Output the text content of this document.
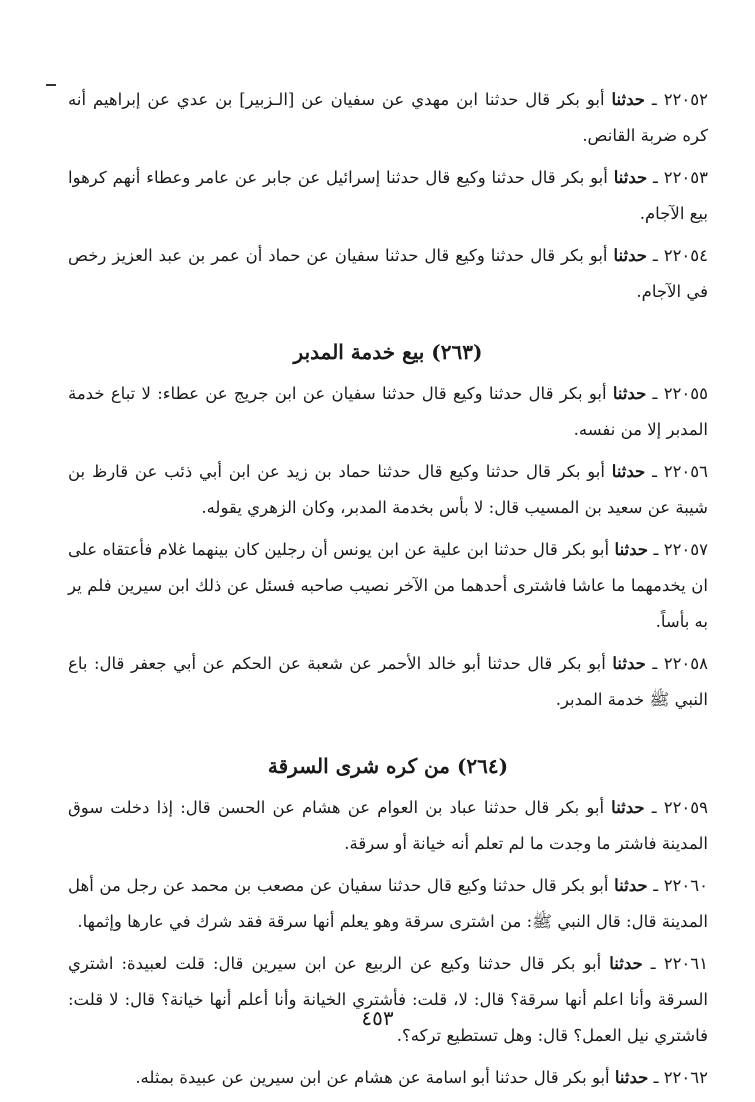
٢٢٠٥٢ ـ حدثنا أبو بكر قال حدثنا ابن مهدي عن سفيان عن [الـزبير] بن عدي عن إبراهيم أنه كره ضربة القانص.

٢٢٠٥٣ ـ حدثنا أبو بكر قال حدثنا وكيع قال حدثنا إسرائيل عن جابر عن عامر وعطاء أنهم كرهوا بيع الآجام.

٢٢٠٥٤ ـ حدثنا أبو بكر قال حدثنا وكيع قال حدثنا سفيان عن حماد أن عمر بن عبد العزيز رخص في الآجام.

(٢٦٣) بيع خدمة المدبر

٢٢٠٥٥ ـ حدثنا أبو بكر قال حدثنا وكيع قال حدثنا سفيان عن ابن جريج عن عطاء: لا تباع خدمة المدبر إلا من نفسه.

٢٢٠٥٦ ـ حدثنا أبو بكر قال حدثنا وكيع قال حدثنا حماد بن زيد عن ابن أبي ذئب عن قارظ بن شيبة عن سعيد بن المسيب قال: لا بأس بخدمة المدبر، وكان الزهري يقوله.

٢٢٠٥٧ ـ حدثنا أبو بكر قال حدثنا ابن علية عن ابن يونس أن رجلين كان بينهما غلام فأعتقاه على ان يخدمهما ما عاشا فاشترى أحدهما من الآخر نصيب صاحبه فسئل عن ذلك ابن سيرين فلم ير به بأساً.

٢٢٠٥٨ ـ حدثنا أبو بكر قال حدثنا أبو خالد الأحمر عن شعبة عن الحكم عن أبي جعفر قال: باع النبي ﷺ خدمة المدبر.

(٢٦٤) من كره شرى السرقة

٢٢٠٥٩ ـ حدثنا أبو بكر قال حدثنا عباد بن العوام عن هشام عن الحسن قال: إذا دخلت سوق المدينة فاشتر ما وجدت ما لم تعلم أنه خيانة أو سرقة.

٢٢٠٦٠ ـ حدثنا أبو بكر قال حدثنا وكيع قال حدثنا سفيان عن مصعب بن محمد عن رجل من أهل المدينة قال: قال النبي ﷺ: من اشترى سرقة وهو يعلم أنها سرقة فقد شرك في عارها وإثمها.

٢٢٠٦١ ـ حدثنا أبو بكر قال حدثنا وكيع عن الربيع عن ابن سيرين قال: قلت لعبيدة: اشتري السرقة وأنا اعلم أنها سرقة؟ قال: لا، قلت: فأشتري الخيانة وأنا أعلم أنها خيانة؟ قال: لا قلت: فاشتري نيل العمل؟ قال: وهل تستطيع تركه؟.

٢٢٠٦٢ ـ حدثنا أبو بكر قال حدثنا أبو اسامة عن هشام عن ابن سيرين عن عبيدة بمثله.

٤٥٣
